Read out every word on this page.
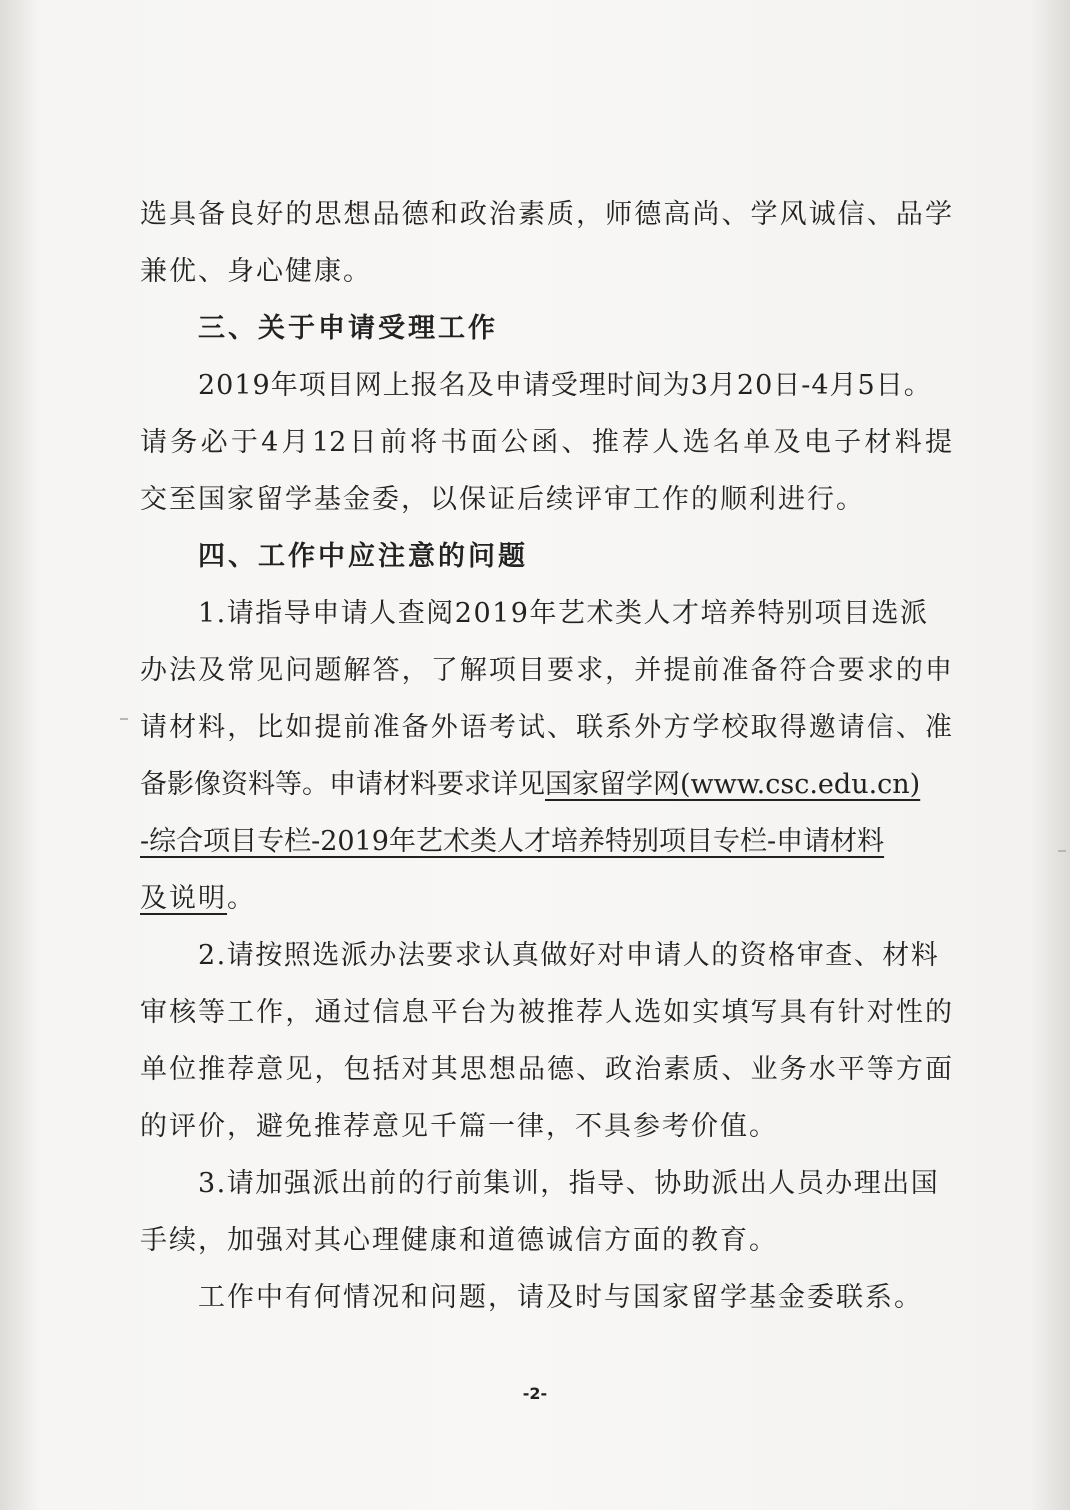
选具备良好的思想品德和政治素质，师德高尚、学风诚信、品学
兼优、身心健康。
三、关于申请受理工作
2019年项目网上报名及申请受理时间为3月20日-4月5日。
请务必于4月12日前将书面公函、推荐人选名单及电子材料提
交至国家留学基金委，以保证后续评审工作的顺利进行。
四、工作中应注意的问题
1.请指导申请人查阅2019年艺术类人才培养特别项目选派
办法及常见问题解答，了解项目要求，并提前准备符合要求的申
请材料，比如提前准备外语考试、联系外方学校取得邀请信、准
备影像资料等。申请材料要求详见国家留学网(www.csc.edu.cn)
-综合项目专栏-2019年艺术类人才培养特别项目专栏-申请材料
及说明。
2.请按照选派办法要求认真做好对申请人的资格审查、材料
审核等工作，通过信息平台为被推荐人选如实填写具有针对性的
单位推荐意见，包括对其思想品德、政治素质、业务水平等方面
的评价，避免推荐意见千篇一律，不具参考价值。
3.请加强派出前的行前集训，指导、协助派出人员办理出国
手续，加强对其心理健康和道德诚信方面的教育。
工作中有何情况和问题，请及时与国家留学基金委联系。
-2-
